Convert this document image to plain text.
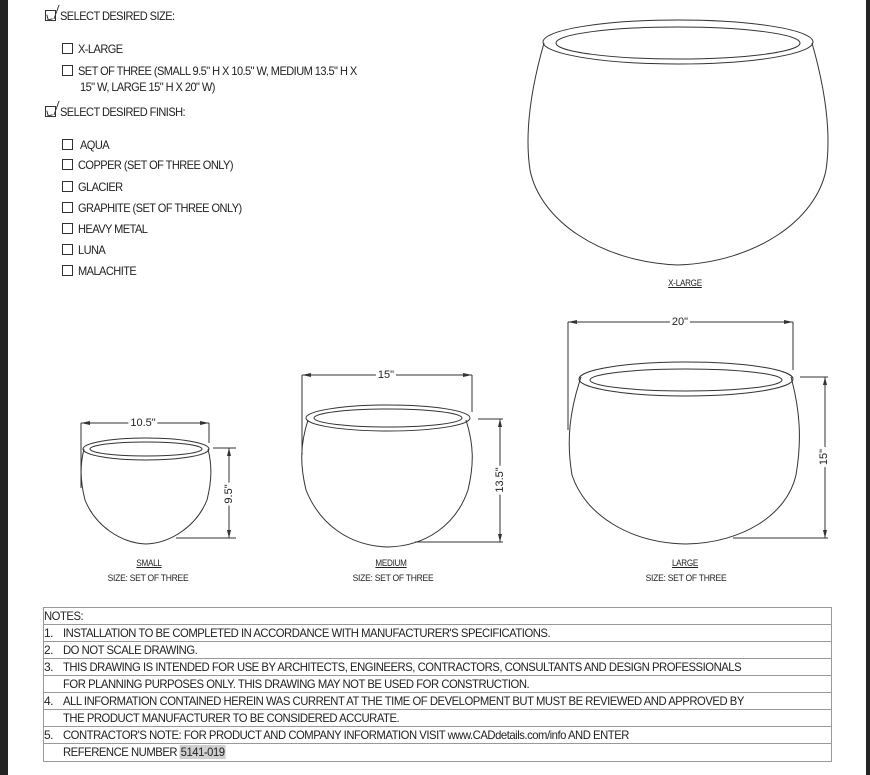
SELECT DESIRED SIZE:
X-LARGE
SET OF THREE (SMALL 9.5" H X 10.5" W, MEDIUM 13.5" H X
15" W, LARGE 15" H X 20" W)
SELECT DESIRED FINISH:
AQUA
COPPER (SET OF THREE ONLY)
GLACIER
GRAPHITE (SET OF THREE ONLY)
HEAVY METAL
LUNA
MALACHITE
X-LARGE
10.5"
9.5"
SMALL
SIZE: SET OF THREE
15"
13.5"
MEDIUM
SIZE: SET OF THREE
20"
15"
LARGE
SIZE: SET OF THREE
NOTES:
1. INSTALLATION TO BE COMPLETED IN ACCORDANCE WITH MANUFACTURER'S SPECIFICATIONS.
2. DO NOT SCALE DRAWING.
3. THIS DRAWING IS INTENDED FOR USE BY ARCHITECTS, ENGINEERS, CONTRACTORS, CONSULTANTS AND DESIGN PROFESSIONALS
FOR PLANNING PURPOSES ONLY. THIS DRAWING MAY NOT BE USED FOR CONSTRUCTION.
4. ALL INFORMATION CONTAINED HEREIN WAS CURRENT AT THE TIME OF DEVELOPMENT BUT MUST BE REVIEWED AND APPROVED BY
THE PRODUCT MANUFACTURER TO BE CONSIDERED ACCURATE.
5. CONTRACTOR'S NOTE: FOR PRODUCT AND COMPANY INFORMATION VISIT www.CADdetails.com/info AND ENTER
REFERENCE NUMBER 5141-019
